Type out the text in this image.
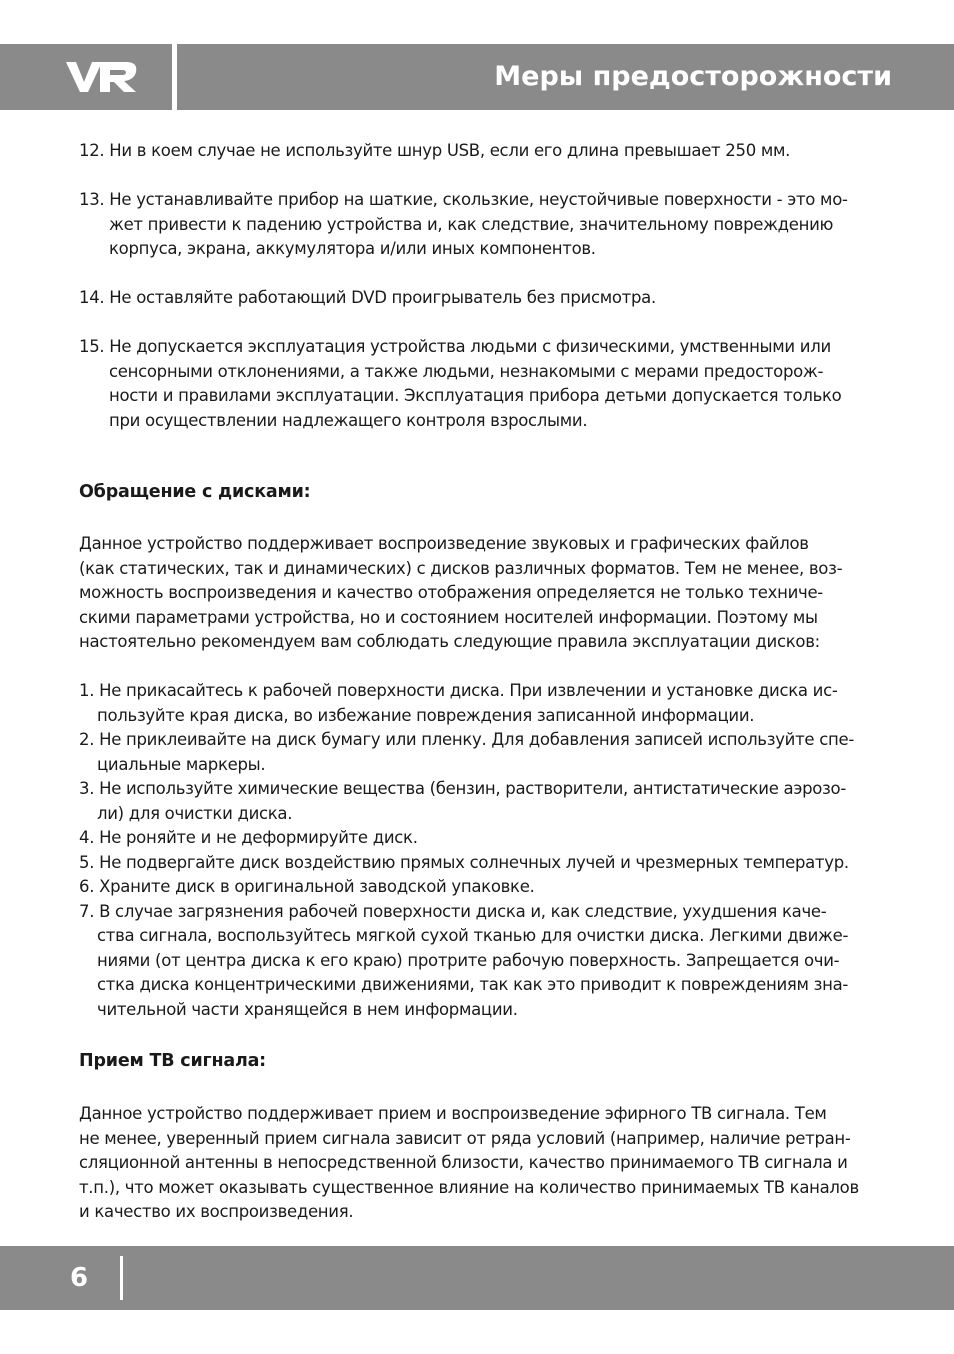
Меры предосторожности
12. Ни в коем случае не используйте шнур USB, если его длина превышает 250 мм.
13. Не устанавливайте прибор на шаткие, скользкие, неустойчивые поверхности - это мо-
жет привести к падению устройства и, как следствие, значительному повреждению
корпуса, экрана, аккумулятора и/или иных компонентов.
14. Не оставляйте работающий DVD проигрыватель без присмотра.
15. Не допускается эксплуатация устройства людьми с физическими, умственными или
сенсорными отклонениями, а также людьми, незнакомыми с мерами предосторож-
ности и правилами эксплуатации. Эксплуатация прибора детьми допускается только
при осуществлении надлежащего контроля взрослыми.
Обращение с дисками:
Данное устройство поддерживает воспроизведение звуковых и графических файлов
(как статических, так и динамических) с дисков различных форматов. Тем не менее, воз-
можность воспроизведения и качество отображения определяется не только техниче-
скими параметрами устройства, но и состоянием носителей информации. Поэтому мы
настоятельно рекомендуем вам соблюдать следующие правила эксплуатации дисков:
1. Не прикасайтесь к рабочей поверхности диска. При извлечении и установке диска ис-
пользуйте края диска, во избежание повреждения записанной информации.
2. Не приклеивайте на диск бумагу или пленку. Для добавления записей используйте спе-
циальные маркеры.
3. Не используйте химические вещества (бензин, растворители, антистатические аэрозо-
ли) для очистки диска.
4. Не роняйте и не деформируйте диск.
5. Не подвергайте диск воздействию прямых солнечных лучей и чрезмерных температур.
6. Храните диск в оригинальной заводской упаковке.
7. В случае загрязнения рабочей поверхности диска и, как следствие, ухудшения каче-
ства сигнала, воспользуйтесь мягкой сухой тканью для очистки диска. Легкими движе-
ниями (от центра диска к его краю) протрите рабочую поверхность. Запрещается очи-
стка диска концентрическими движениями, так как это приводит к повреждениям зна-
чительной части хранящейся в нем информации.
Прием ТВ сигнала:
Данное устройство поддерживает прием и воспроизведение эфирного ТВ сигнала. Тем
не менее, уверенный прием сигнала зависит от ряда условий (например, наличие ретран-
сляционной антенны в непосредственной близости, качество принимаемого ТВ сигнала и
т.п.), что может оказывать существенное влияние на количество принимаемых ТВ каналов
и качество их воспроизведения.
6
